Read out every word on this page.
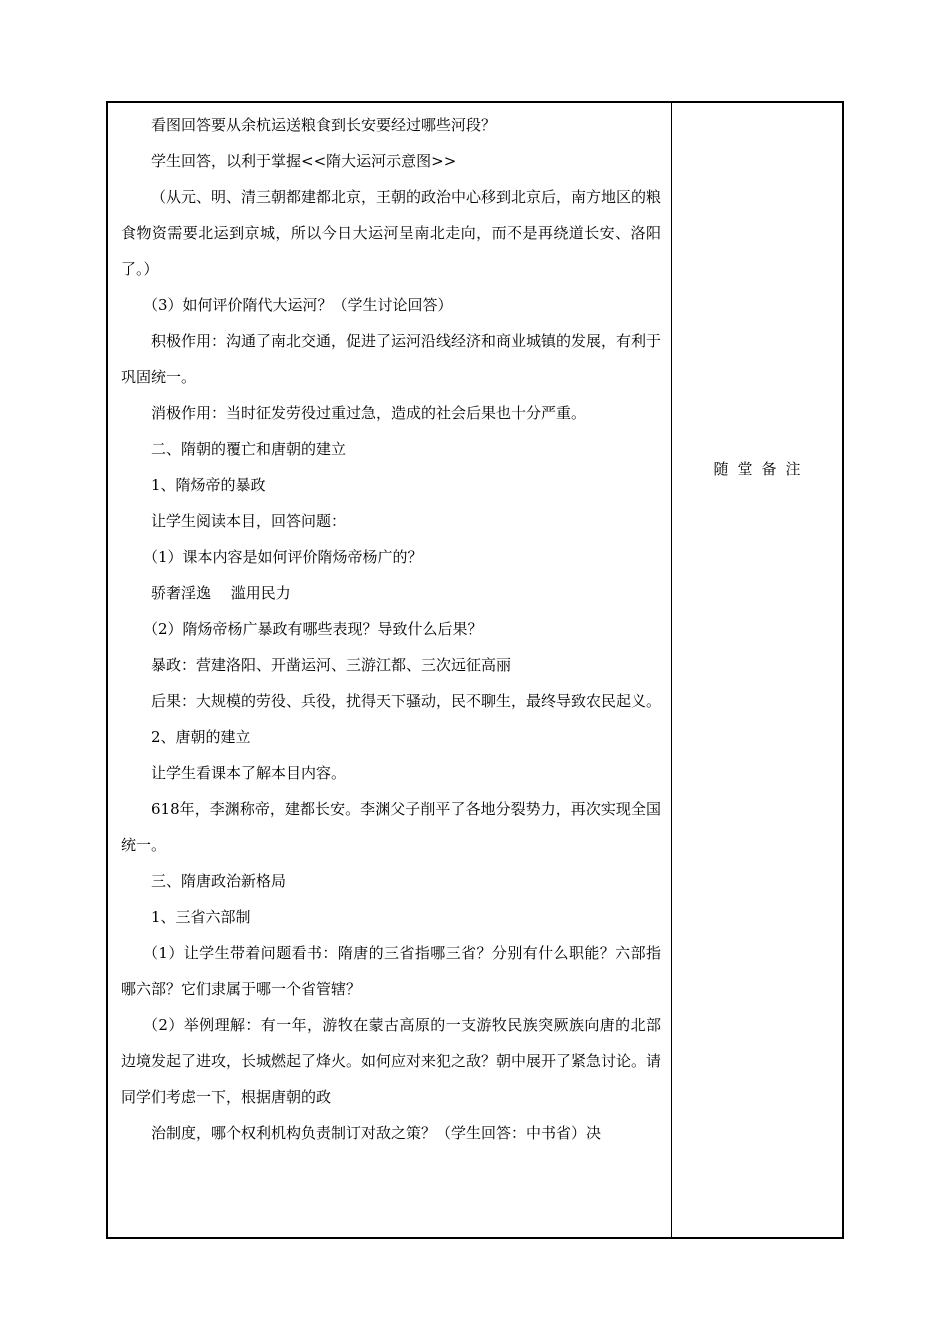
看图回答要从余杭运送粮食到长安要经过哪些河段？

学生回答，以利于掌握<<隋大运河示意图>>

（从元、明、清三朝都建都北京，王朝的政治中心移到北京后，南方地区的粮食物资需要北运到京城，所以今日大运河呈南北走向，而不是再绕道长安、洛阳了。）

（3）如何评价隋代大运河？（学生讨论回答）

积极作用：沟通了南北交通，促进了运河沿线经济和商业城镇的发展，有利于巩固统一。

消极作用：当时征发劳役过重过急，造成的社会后果也十分严重。

二、隋朝的覆亡和唐朝的建立

1、隋炀帝的暴政

让学生阅读本目，回答问题：

（1）课本内容是如何评价隋炀帝杨广的？

骄奢淫逸　 滥用民力

（2）隋炀帝杨广暴政有哪些表现？导致什么后果？

暴政：营建洛阳、开凿运河、三游江都、三次远征高丽

后果：大规模的劳役、兵役，扰得天下骚动，民不聊生，最终导致农民起义。

2、唐朝的建立

让学生看课本了解本目内容。

618年，李渊称帝，建都长安。李渊父子削平了各地分裂势力，再次实现全国统一。

三、隋唐政治新格局

1、三省六部制

（1）让学生带着问题看书：隋唐的三省指哪三省？分别有什么职能？六部指哪六部？它们隶属于哪一个省管辖？

（2）举例理解：有一年，游牧在蒙古高原的一支游牧民族突厥族向唐的北部边境发起了进攻，长城燃起了烽火。如何应对来犯之敌？朝中展开了紧急讨论。请同学们考虑一下，根据唐朝的政

治制度，哪个权利机构负责制订对敌之策？（学生回答：中书省）决

随堂备注
